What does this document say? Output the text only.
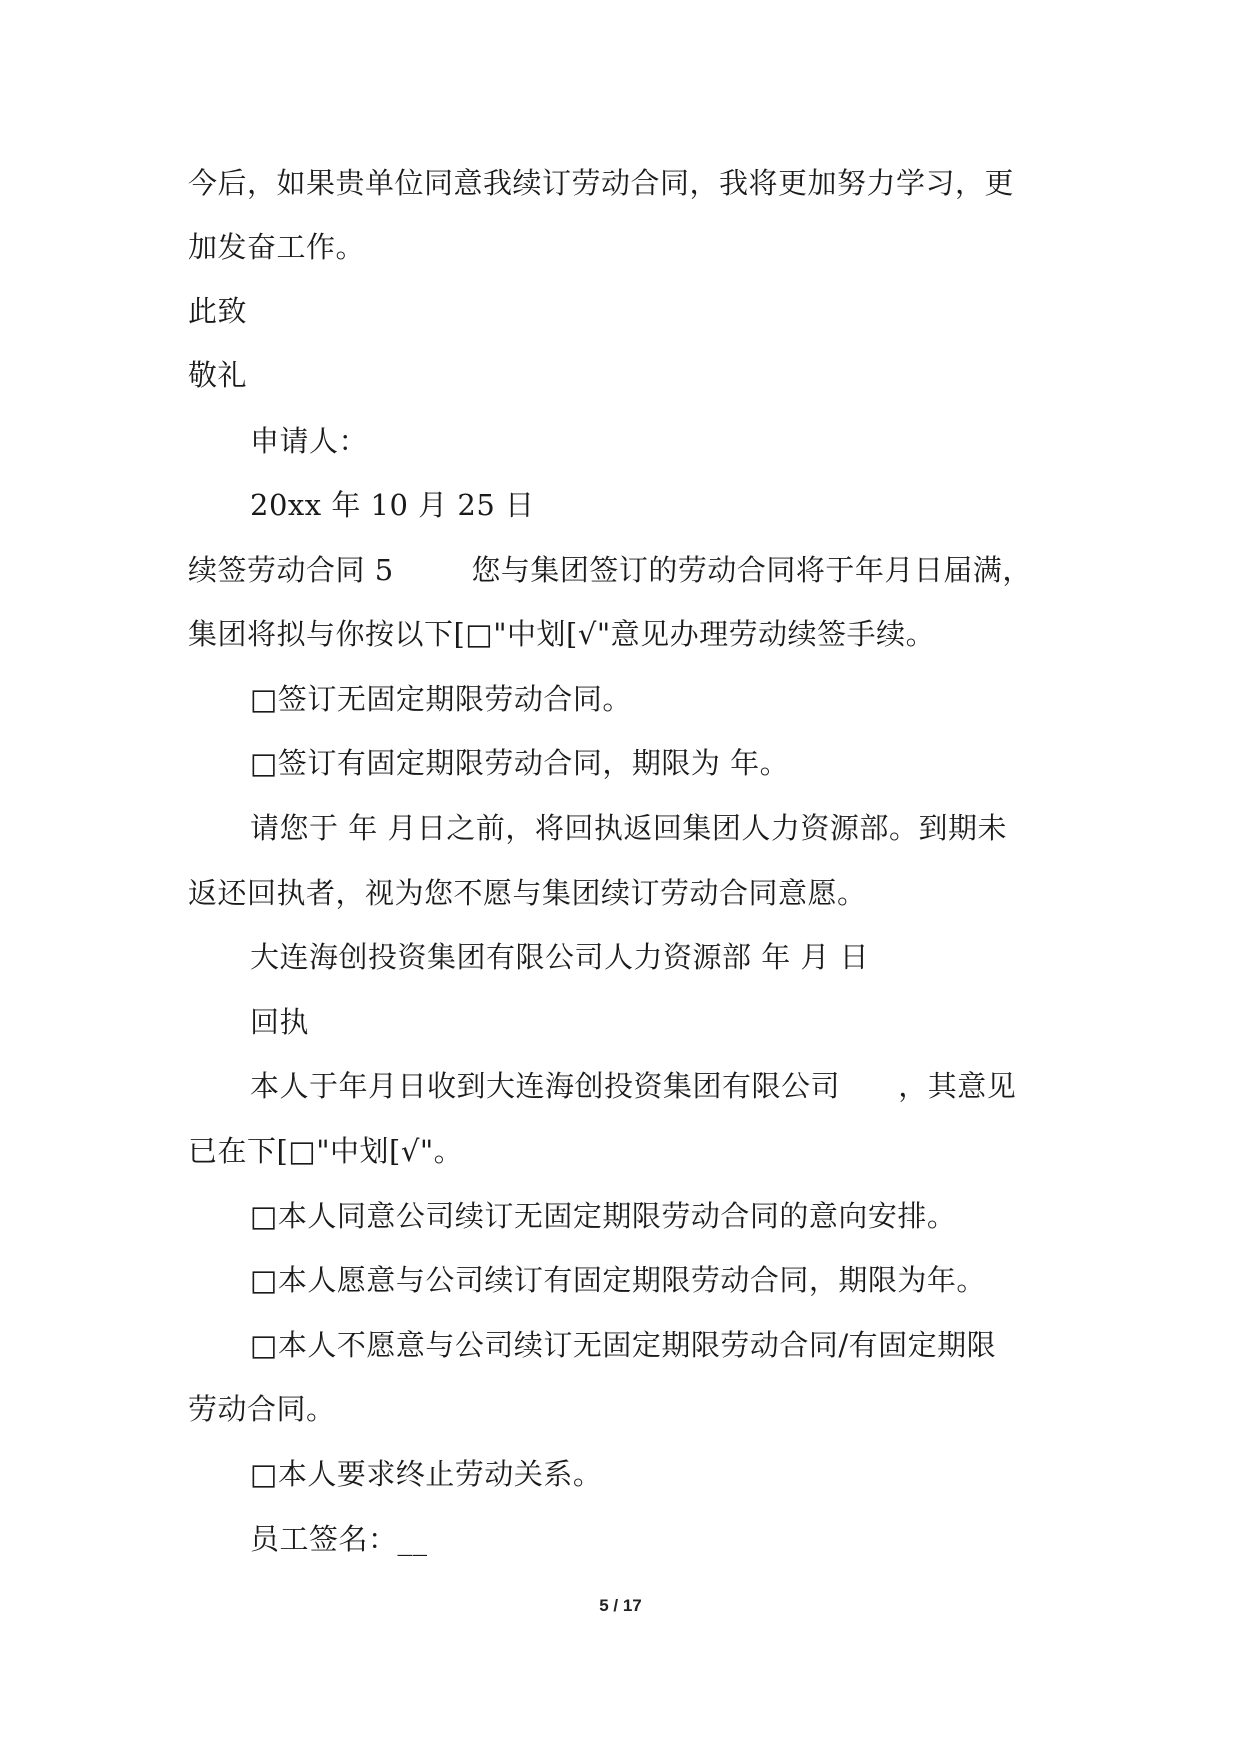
今后，如果贵单位同意我续订劳动合同，我将更加努力学习，更
加发奋工作。
此致
敬礼
申请人：
20xx 年 10 月 25 日
续签劳动合同 5        您与集团签订的劳动合同将于年月日届满，
集团将拟与你按以下[□"中划[√"意见办理劳动续签手续。
□签订无固定期限劳动合同。
□签订有固定期限劳动合同，期限为 年。
请您于 年 月日之前，将回执返回集团人力资源部。到期未
返还回执者，视为您不愿与集团续订劳动合同意愿。
大连海创投资集团有限公司人力资源部 年 月 日
回执
本人于年月日收到大连海创投资集团有限公司      ，其意见
已在下[□"中划[√"。
□本人同意公司续订无固定期限劳动合同的意向安排。
□本人愿意与公司续订有固定期限劳动合同，期限为年。
□本人不愿意与公司续订无固定期限劳动合同/有固定期限
劳动合同。
□本人要求终止劳动关系。
员工签名：__
5 / 17
